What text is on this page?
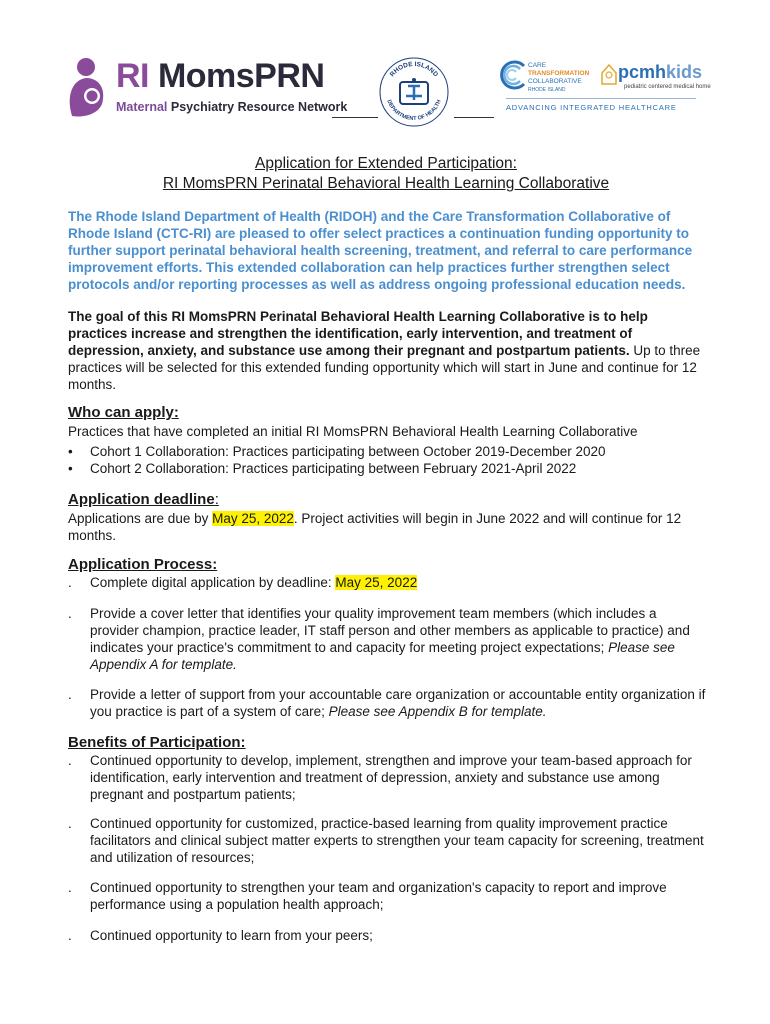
RI MomsPRN
Maternal Psychiatry Resource Network
RHODE ISLAND
DEPARTMENT OF HEALTH
CARE
TRANSFORMATION
COLLABORATIVE
RHODE ISLAND
pcmhkids
pediatric centered medical home
ADVANCING INTEGRATED HEALTHCARE
Application for Extended Participation:
RI MomsPRN Perinatal Behavioral Health Learning Collaborative
The Rhode Island Department of Health (RIDOH) and the Care Transformation Collaborative of Rhode Island (CTC-RI) are pleased to offer select practices a continuation funding opportunity to further support perinatal behavioral health screening, treatment, and referral to care performance improvement efforts. This extended collaboration can help practices further strengthen select protocols and/or reporting processes as well as address ongoing professional education needs.
The goal of this RI MomsPRN Perinatal Behavioral Health Learning Collaborative is to help practices increase and strengthen the identification, early intervention, and treatment of depression, anxiety, and substance use among their pregnant and postpartum patients. Up to three practices will be selected for this extended funding opportunity which will start in June and continue for 12 months.
Who can apply:
Practices that have completed an initial RI MomsPRN Behavioral Health Learning Collaborative
•	Cohort 1 Collaboration: Practices participating between October 2019-December 2020
•	Cohort 2 Collaboration: Practices participating between February 2021-April 2022
Application deadline:
Applications are due by May 25, 2022. Project activities will begin in June 2022 and will continue for 12 months.
Application Process:
.	Complete digital application by deadline: May 25, 2022
.	Provide a cover letter that identifies your quality improvement team members (which includes a provider champion, practice leader, IT staff person and other members as applicable to practice) and indicates your practice's commitment to and capacity for meeting project expectations; Please see Appendix A for template.
.	Provide a letter of support from your accountable care organization or accountable entity organization if you practice is part of a system of care; Please see Appendix B for template.
Benefits of Participation:
.	Continued opportunity to develop, implement, strengthen and improve your team-based approach for identification, early intervention and treatment of depression, anxiety and substance use among pregnant and postpartum patients;
.	Continued opportunity for customized, practice-based learning from quality improvement practice facilitators and clinical subject matter experts to strengthen your team capacity for screening, treatment and utilization of resources;
.	Continued opportunity to strengthen your team and organization's capacity to report and improve performance using a population health approach;
.	Continued opportunity to learn from your peers;
